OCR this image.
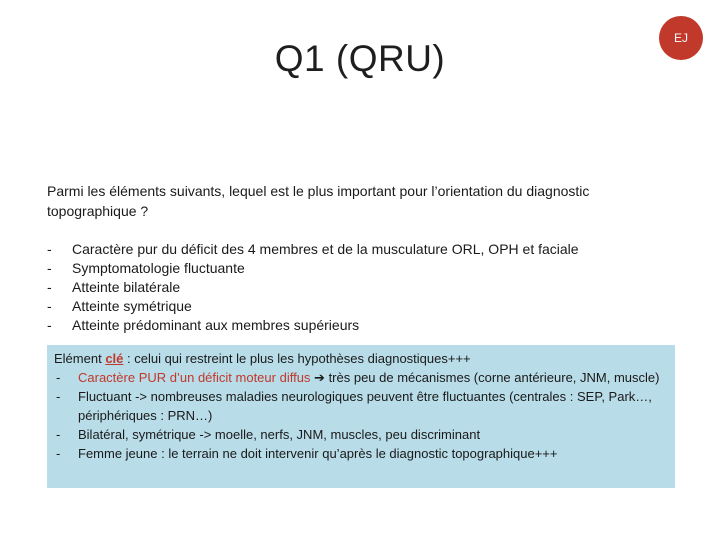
Q1 (QRU)	EJ
Parmi les éléments suivants, lequel est le plus important pour l’orientation du diagnostic topographique ?
- Caractère pur du déficit des 4 membres et de la musculature ORL, OPH et faciale
- Symptomatologie fluctuante
- Atteinte bilatérale
- Atteinte symétrique
- Atteinte prédominant aux membres supérieurs
Elément clé : celui qui restreint le plus les hypothèses diagnostiques+++
- Caractère PUR d’un déficit moteur diffus ➔ très peu de mécanismes (corne antérieure, JNM, muscle)
- Fluctuant -> nombreuses maladies neurologiques peuvent être fluctuantes (centrales : SEP, Park…, périphériques : PRN…)
- Bilatéral, symétrique -> moelle, nerfs, JNM, muscles, peu discriminant
- Femme jeune : le terrain ne doit intervenir qu’après le diagnostic topographique+++
